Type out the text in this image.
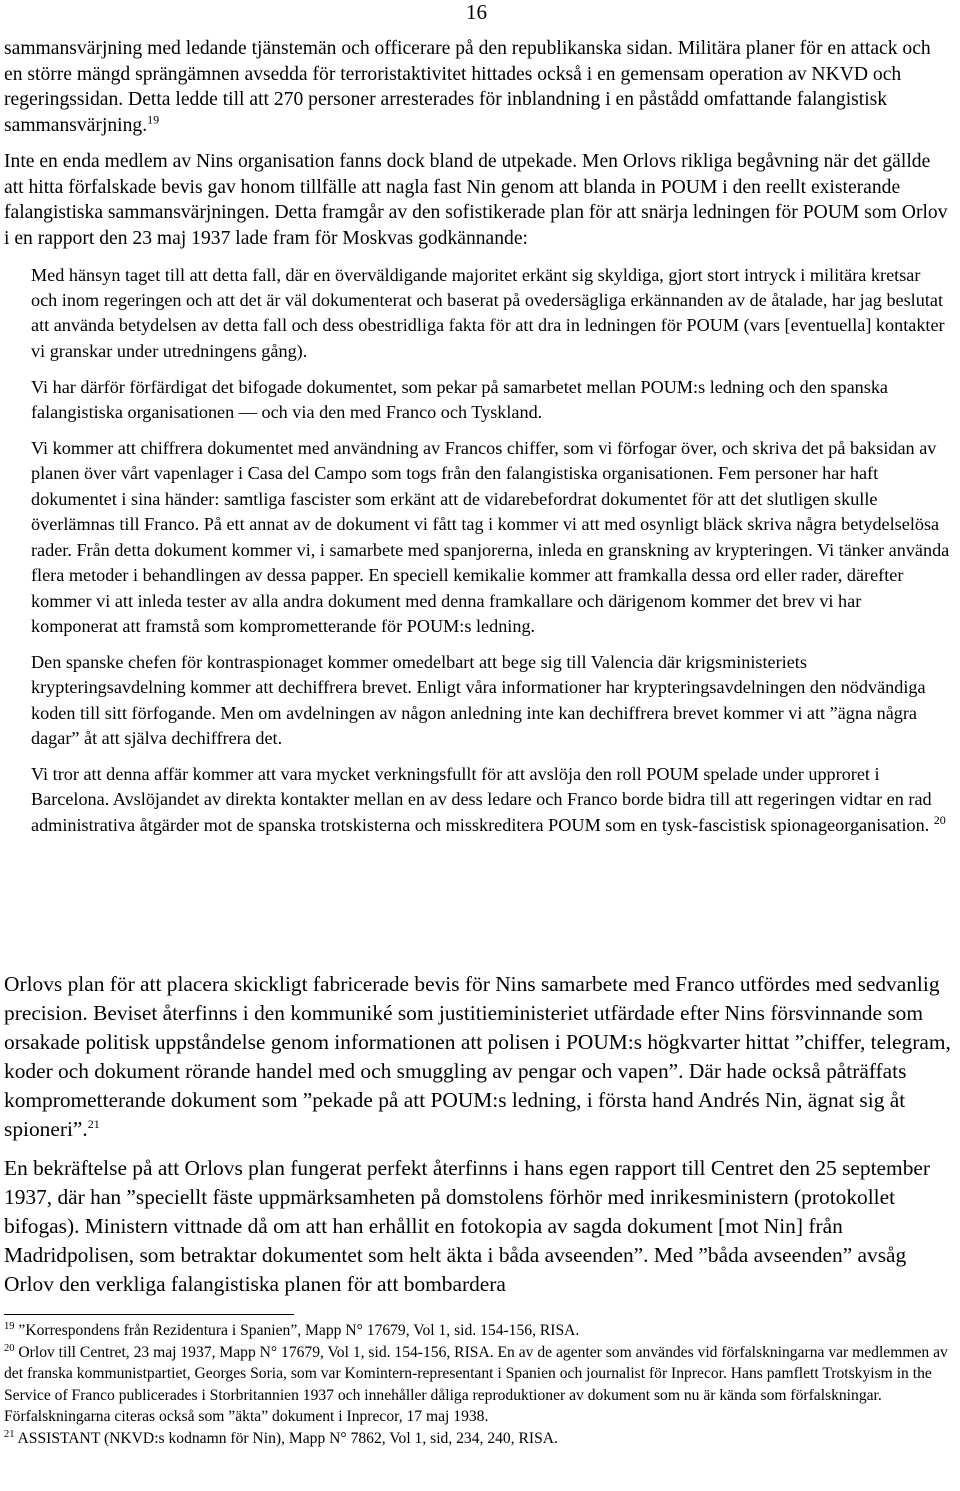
16

sammansvärjning med ledande tjänstemän och officerare på den republikanska sidan. Militära planer för en attack och en större mängd sprängämnen avsedda för terroristaktivitet hittades också i en gemensam operation av NKVD och regeringssidan. Detta ledde till att 270 personer arresterades för inblandning i en påstådd omfattande falangistisk sammansvärjning.$^{19}$

Inte en enda medlem av Nins organisation fanns dock bland de utpekade. Men Orlovs rikliga begåvning när det gällde att hitta förfalskade bevis gav honom tillfälle att nagla fast Nin genom att blanda in POUM i den reellt existerande falangistiska sammansvärjningen. Detta framgår av den sofistikerade plan för att snärja ledningen för POUM som Orlov i en rapport den 23 maj 1937 lade fram för Moskvas godkännande:

Med hänsyn taget till att detta fall, där en överväldigande majoritet erkänt sig skyldiga, gjort stort intryck i militära kretsar och inom regeringen och att det är väl dokumenterat och baserat på ovedersägliga erkännanden av de åtalade, har jag beslutat att använda betydelsen av detta fall och dess obestridliga fakta för att dra in ledningen för POUM (vars [eventuella] kontakter vi granskar under utredningens gång).

Vi har därför förfärdigat det bifogade dokumentet, som pekar på samarbetet mellan POUM:s ledning och den spanska falangistiska organisationen — och via den med Franco och Tyskland.

Vi kommer att chiffrera dokumentet med användning av Francos chiffer, som vi förfogar över, och skriva det på baksidan av planen över vårt vapenlager i Casa del Campo som togs från den falangistiska organisationen. Fem personer har haft dokumentet i sina händer: samtliga fascister som erkänt att de vidarebefordrat dokumentet för att det slutligen skulle överlämnas till Franco. På ett annat av de dokument vi fått tag i kommer vi att med osynligt bläck skriva några betydelselösa rader. Från detta dokument kommer vi, i samarbete med spanjorerna, inleda en granskning av krypteringen. Vi tänker använda flera metoder i behandlingen av dessa papper. En speciell kemikalie kommer att framkalla dessa ord eller rader, därefter kommer vi att inleda tester av alla andra dokument med denna framkallare och därigenom kommer det brev vi har komponerat att framstå som komprometterande för POUM:s ledning.

Den spanske chefen för kontraspionaget kommer omedelbart att bege sig till Valencia där krigsministeriets krypteringsavdelning kommer att dechiffrera brevet. Enligt våra informationer har krypteringsavdelningen den nödvändiga koden till sitt förfogande. Men om avdelningen av någon anledning inte kan dechiffrera brevet kommer vi att ”ägna några dagar” åt att själva dechiffrera det.

Vi tror att denna affär kommer att vara mycket verkningsfullt för att avslöja den roll POUM spelade under upproret i Barcelona. Avslöjandet av direkta kontakter mellan en av dess ledare och Franco borde bidra till att regeringen vidtar en rad administrativa åtgärder mot de spanska trotskisterna och misskreditera POUM som en tysk-fascistisk spionageorganisation. $^{20}$

Orlovs plan för att placera skickligt fabricerade bevis för Nins samarbete med Franco utfördes med sedvanlig precision. Beviset återfinns i den kommuniké som justitieministeriet utfärdade efter Nins försvinnande som orsakade politisk uppståndelse genom informationen att polisen i POUM:s högkvarter hittat ”chiffer, telegram, koder och dokument rörande handel med och smuggling av pengar och vapen”. Där hade också påträffats komprometterande dokument som ”pekade på att POUM:s ledning, i första hand Andrés Nin, ägnat sig åt spioneri”.$^{21}$

En bekräftelse på att Orlovs plan fungerat perfekt återfinns i hans egen rapport till Centret den 25 september 1937, där han ”speciellt fäste uppmärksamheten på domstolens förhör med inrikesministern (protokollet bifogas). Ministern vittnade då om att han erhållit en fotokopia av sagda dokument [mot Nin] från Madridpolisen, som betraktar dokumentet som helt äkta i båda avseenden”. Med ”båda avseenden” avsåg Orlov den verkliga falangistiska planen för att bombardera

$^{19}$ ”Korrespondens från Rezidentura i Spanien”, Mapp N° 17679, Vol 1, sid. 154-156, RISA.

$^{20}$ Orlov till Centret, 23 maj 1937, Mapp N° 17679, Vol 1, sid. 154-156, RISA. En av de agenter som användes vid förfalskningarna var medlemmen av det franska kommunistpartiet, Georges Soria, som var Komintern-representant i Spanien och journalist för Inprecor. Hans pamflett Trotskyism in the Service of Franco publicerades i Storbritannien 1937 och innehåller dåliga reproduktioner av dokument som nu är kända som förfalskningar. Förfalskningarna citeras också som ”äkta” dokument i Inprecor, 17 maj 1938.

$^{21}$ ASSISTANT (NKVD:s kodnamn för Nin), Mapp N° 7862, Vol 1, sid, 234, 240, RISA.
